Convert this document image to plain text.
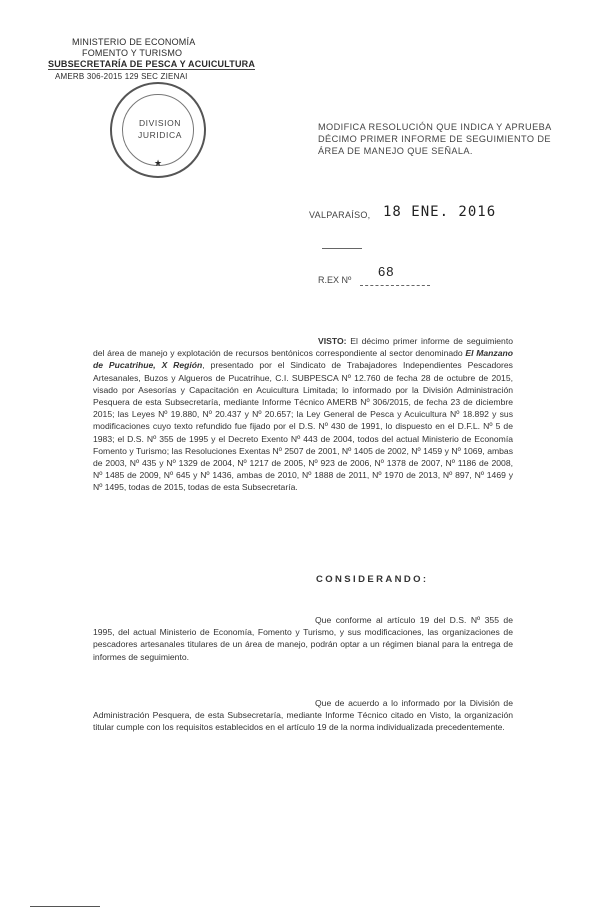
MINISTERIO DE ECONOMÍA
FOMENTO Y TURISMO
SUBSECRETARÍA DE PESCA Y ACUICULTURA
AMERB 306-2015 129 SEC ZIENAI
DIVISION
JURIDICA
★
MODIFICA RESOLUCIÓN QUE INDICA Y APRUEBA DÉCIMO PRIMER INFORME DE SEGUIMIENTO DE ÁREA DE MANEJO QUE SEÑALA.
VALPARAÍSO, 18 ENE. 2016
R.EX Nº
68
VISTO: El décimo primer informe de seguimiento del área de manejo y explotación de recursos bentónicos correspondiente al sector denominado El Manzano de Pucatrihue, X Región, presentado por el Sindicato de Trabajadores Independientes Pescadores Artesanales, Buzos y Algueros de Pucatrihue, C.I. SUBPESCA Nº 12.760 de fecha 28 de octubre de 2015, visado por Asesorías y Capacitación en Acuicultura Limitada; lo informado por la División Administración Pesquera de esta Subsecretaría, mediante Informe Técnico AMERB Nº 306/2015, de fecha 23 de diciembre 2015; las Leyes Nº 19.880, Nº 20.437 y Nº 20.657; la Ley General de Pesca y Acuicultura Nº 18.892 y sus modificaciones cuyo texto refundido fue fijado por el D.S. Nº 430 de 1991, lo dispuesto en el D.F.L. Nº 5 de 1983; el D.S. Nº 355 de 1995 y el Decreto Exento Nº 443 de 2004, todos del actual Ministerio de Economía Fomento y Turismo; las Resoluciones Exentas Nº 2507 de 2001, Nº 1405 de 2002, Nº 1459 y Nº 1069, ambas de 2003, Nº 435 y Nº 1329 de 2004, Nº 1217 de 2005, Nº 923 de 2006, Nº 1378 de 2007, Nº 1186 de 2008, Nº 1485 de 2009, Nº 645 y Nº 1436, ambas de 2010, Nº 1888 de 2011, Nº 1970 de 2013, Nº 897, Nº 1469 y Nº 1495, todas de 2015, todas de esta Subsecretaría.
CONSIDERANDO:
Que conforme al artículo 19 del D.S. Nº 355 de 1995, del actual Ministerio de Economía, Fomento y Turismo, y sus modificaciones, las organizaciones de pescadores artesanales titulares de un área de manejo, podrán optar a un régimen bianal para la entrega de informes de seguimiento.
Que de acuerdo a lo informado por la División de Administración Pesquera, de esta Subsecretaría, mediante Informe Técnico citado en Visto, la organización titular cumple con los requisitos establecidos en el artículo 19 de la norma individualizada precedentemente.
